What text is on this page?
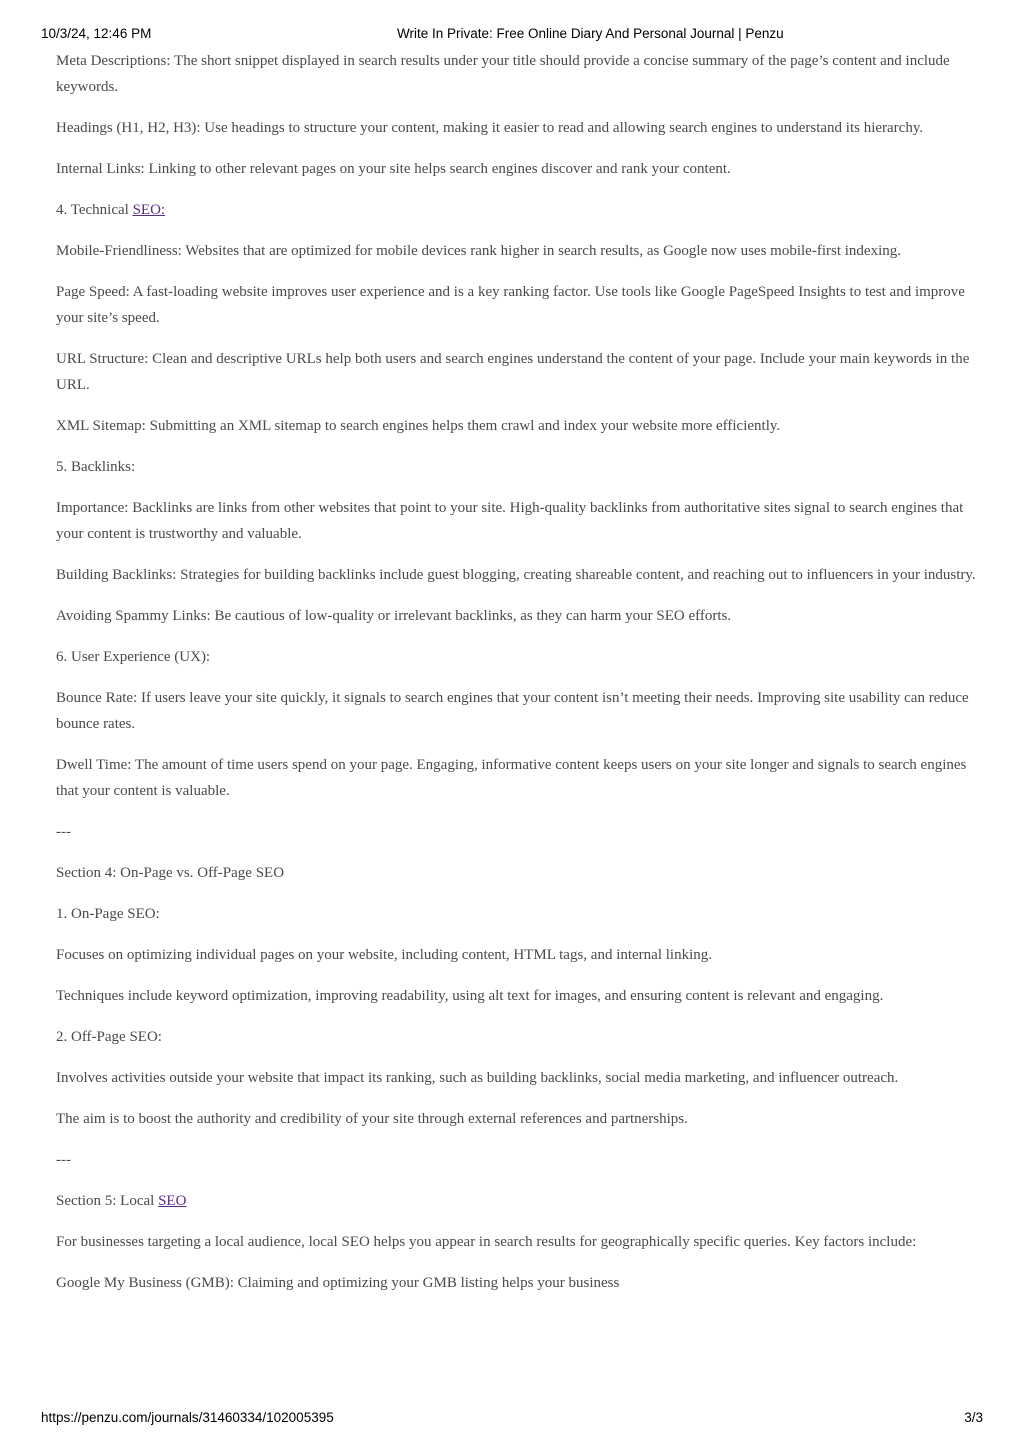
10/3/24, 12:46 PM	Write In Private: Free Online Diary And Personal Journal | Penzu

Meta Descriptions: The short snippet displayed in search results under your title should provide a concise summary of the page’s content and include keywords.

Headings (H1, H2, H3): Use headings to structure your content, making it easier to read and allowing search engines to understand its hierarchy.

Internal Links: Linking to other relevant pages on your site helps search engines discover and rank your content.

4. Technical SEO:

Mobile-Friendliness: Websites that are optimized for mobile devices rank higher in search results, as Google now uses mobile-first indexing.

Page Speed: A fast-loading website improves user experience and is a key ranking factor. Use tools like Google PageSpeed Insights to test and improve your site’s speed.

URL Structure: Clean and descriptive URLs help both users and search engines understand the content of your page. Include your main keywords in the URL.

XML Sitemap: Submitting an XML sitemap to search engines helps them crawl and index your website more efficiently.

5. Backlinks:

Importance: Backlinks are links from other websites that point to your site. High-quality backlinks from authoritative sites signal to search engines that your content is trustworthy and valuable.

Building Backlinks: Strategies for building backlinks include guest blogging, creating shareable content, and reaching out to influencers in your industry.

Avoiding Spammy Links: Be cautious of low-quality or irrelevant backlinks, as they can harm your SEO efforts.

6. User Experience (UX):

Bounce Rate: If users leave your site quickly, it signals to search engines that your content isn’t meeting their needs. Improving site usability can reduce bounce rates.

Dwell Time: The amount of time users spend on your page. Engaging, informative content keeps users on your site longer and signals to search engines that your content is valuable.

---

Section 4: On-Page vs. Off-Page SEO

1. On-Page SEO:

Focuses on optimizing individual pages on your website, including content, HTML tags, and internal linking.

Techniques include keyword optimization, improving readability, using alt text for images, and ensuring content is relevant and engaging.

2. Off-Page SEO:

Involves activities outside your website that impact its ranking, such as building backlinks, social media marketing, and influencer outreach.

The aim is to boost the authority and credibility of your site through external references and partnerships.

---

Section 5: Local SEO

For businesses targeting a local audience, local SEO helps you appear in search results for geographically specific queries. Key factors include:

Google My Business (GMB): Claiming and optimizing your GMB listing helps your business

https://penzu.com/journals/31460334/102005395	3/3
